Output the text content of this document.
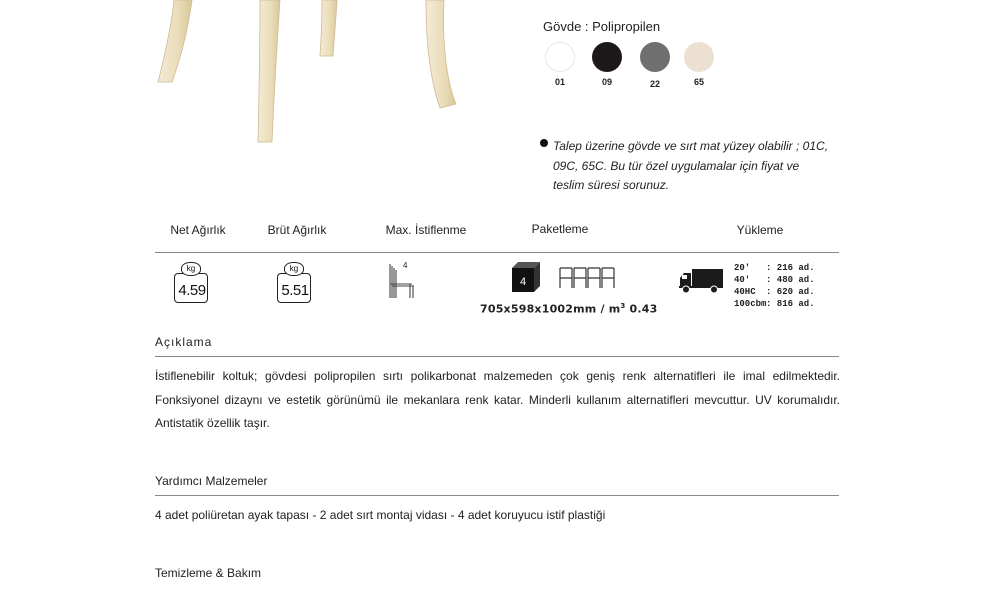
Gövde : Polipropilen
01	09	22	65
Talep üzerine gövde ve sırt mat yüzey olabilir ; 01C, 09C, 65C. Bu tür özel uygulamalar için fiyat ve teslim süresi sorunuz.
Net Ağırlık	Brüt Ağırlık	Max. İstiflenme	Paketleme	Yükleme
kg
4.59
kg
5.51
4
4
$705x598x1002mm / m^3$ 0.43
20'	: 216 ad.
40'	: 480 ad.
40HC	: 620 ad.
100cbm : 816 ad.
Açıklama
İstiflenebilir koltuk; gövdesi polipropilen sırtı polikarbonat malzemeden çok geniş renk alternatifleri ile imal edilmektedir. Fonksiyonel dizaynı ve estetik görünümü ile mekanlara renk katar. Minderli kullanım alternatifleri mevcuttur. UV korumalıdır. Antistatik özellik taşır.
Yardımcı Malzemeler
4 adet poliüretan ayak tapası - 2 adet sırt montaj vidası - 4 adet koruyucu istif plastiği
Temizleme & Bakım
